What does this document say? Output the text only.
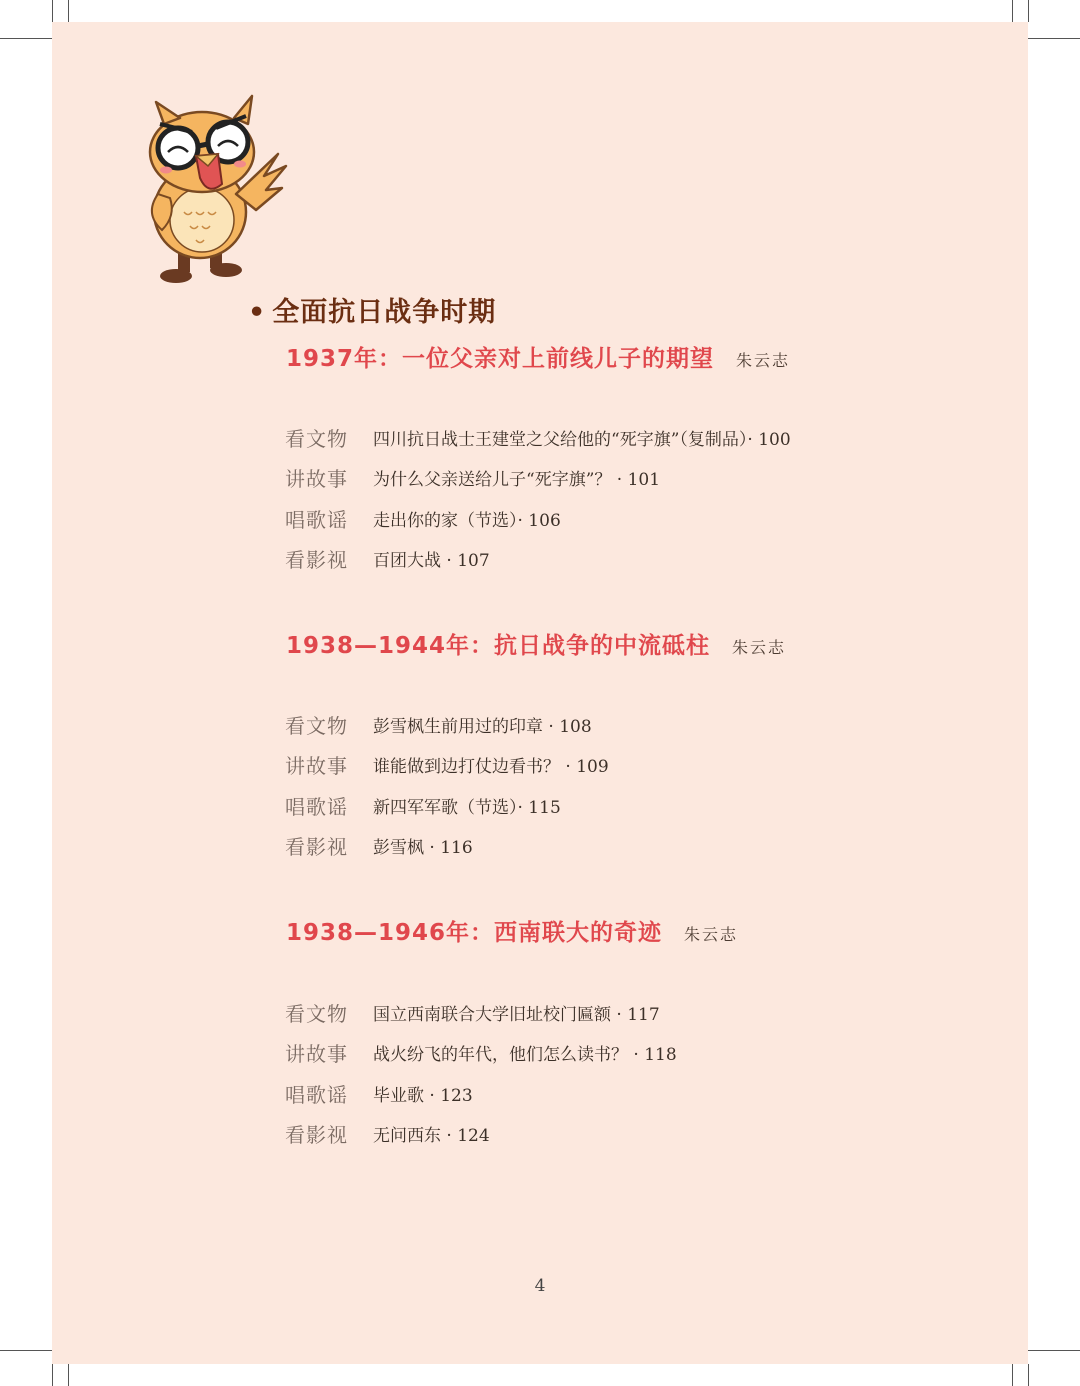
• 全面抗日战争时期
1937年：一位父亲对上前线儿子的期望 朱云志
看文物	四川抗日战士王建堂之父给他的“死字旗”（复制品）· 100
讲故事	为什么父亲送给儿子“死字旗”？ · 101
唱歌谣	走出你的家（节选）· 106
看影视	百团大战 · 107
1938—1944年：抗日战争的中流砥柱 朱云志
看文物	彭雪枫生前用过的印章 · 108
讲故事	谁能做到边打仗边看书？ · 109
唱歌谣	新四军军歌（节选）· 115
看影视	彭雪枫 · 116
1938—1946年：西南联大的奇迹 朱云志
看文物	国立西南联合大学旧址校门匾额 · 117
讲故事	战火纷飞的年代，他们怎么读书？ · 118
唱歌谣	毕业歌 · 123
看影视	无问西东 · 124
4
